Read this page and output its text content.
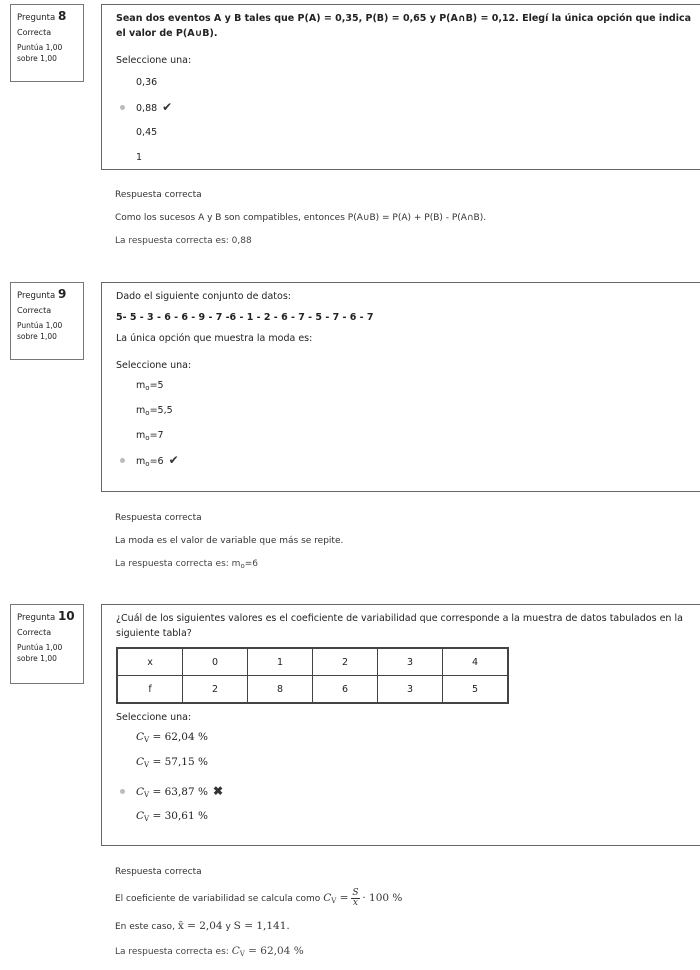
Pregunta 8
Correcta
Puntúa 1,00
sobre 1,00
Sean dos eventos A y B tales que P(A) = 0,35, P(B) = 0,65 y P(A∩B) = 0,12. Elegí la única opción que indica el valor de P(A∪B).
Seleccione una:
0,36
0,88 ✔
0,45
1
Respuesta correcta
Como los sucesos A y B son compatibles, entonces P(A∪B) = P(A) + P(B) - P(A∩B).
La respuesta correcta es: 0,88
Pregunta 9
Correcta
Puntúa 1,00
sobre 1,00
Dado el siguiente conjunto de datos:
5- 5 - 3 - 6 - 6 - 9 - 7 -6 - 1 - 2 - 6 - 7 - 5 - 7 - 6 - 7
La única opción que muestra la moda es:
Seleccione una:
$m_o=5$
$m_o=5,5$
$m_o=7$
$m_o=6$ ✔
Respuesta correcta
La moda es el valor de variable que más se repite.
La respuesta correcta es: $m_o=6$
Pregunta 10
Correcta
Puntúa 1,00
sobre 1,00
¿Cuál de los siguientes valores es el coeficiente de variabilidad que corresponde a la muestra de datos tabulados en la siguiente tabla?
x	0	1	2	3	4
f	2	8	6	3	5
Seleccione una:
$C_V = 62,04$ %
$C_V = 57,15$ %
$C_V = 63,87$ % ✖
$C_V = 30,61$ %
Respuesta correcta
El coeficiente de variabilidad se calcula como $C_V = \frac{S}{x̄} \cdot 100$ %
En este caso, x̄ = 2,04 y S = 1,141.
La respuesta correcta es: $C_V = 62,04$ %
